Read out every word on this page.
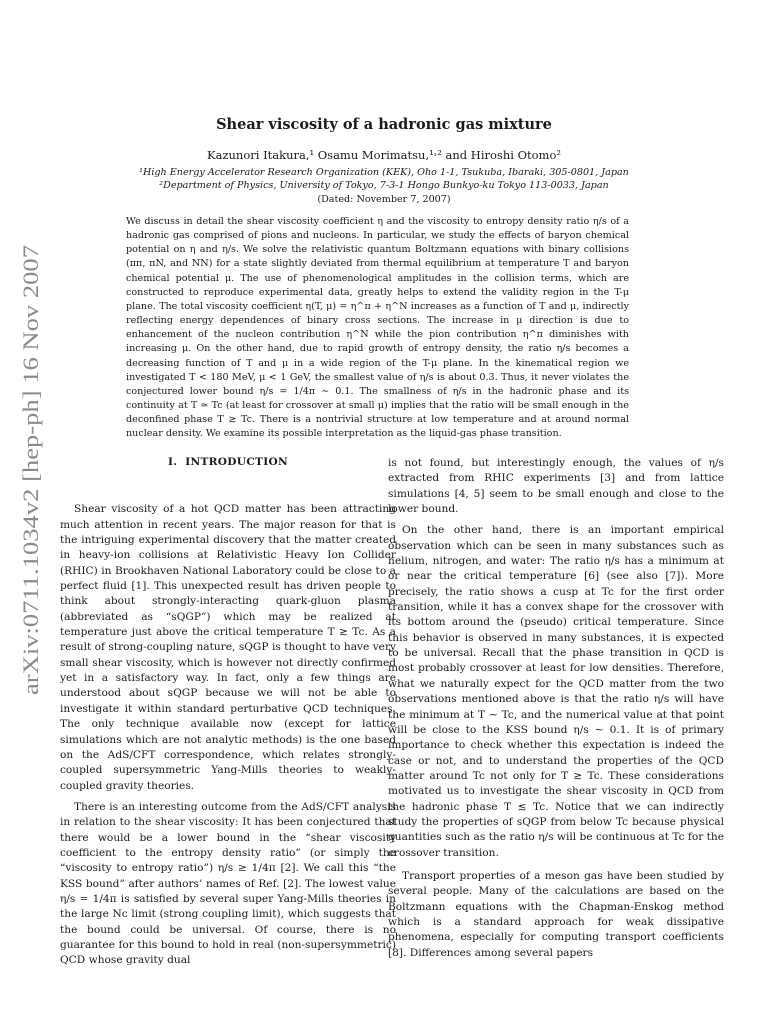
arXiv:0711.1034v2 [hep-ph] 16 Nov 2007
Shear viscosity of a hadronic gas mixture
Kazunori Itakura,¹ Osamu Morimatsu,¹˒² and Hiroshi Otomo²
¹High Energy Accelerator Research Organization (KEK), Oho 1-1, Tsukuba, Ibaraki, 305-0801, Japan
²Department of Physics, University of Tokyo, 7-3-1 Hongo Bunkyo-ku Tokyo 113-0033, Japan
(Dated: November 7, 2007)
We discuss in detail the shear viscosity coefficient η and the viscosity to entropy density ratio η/s of a hadronic gas comprised of pions and nucleons. In particular, we study the effects of baryon chemical potential on η and η/s. We solve the relativistic quantum Boltzmann equations with binary collisions (ππ, πN, and NN) for a state slightly deviated from thermal equilibrium at temperature T and baryon chemical potential μ. The use of phenomenological amplitudes in the collision terms, which are constructed to reproduce experimental data, greatly helps to extend the validity region in the T-μ plane. The total viscosity coefficient η(T, μ) = η^π + η^N increases as a function of T and μ, indirectly reflecting energy dependences of binary cross sections. The increase in μ direction is due to enhancement of the nucleon contribution η^N while the pion contribution η^π diminishes with increasing μ. On the other hand, due to rapid growth of entropy density, the ratio η/s becomes a decreasing function of T and μ in a wide region of the T-μ plane. In the kinematical region we investigated T < 180 MeV, μ < 1 GeV, the smallest value of η/s is about 0.3. Thus, it never violates the conjectured lower bound η/s = 1/4π ∼ 0.1. The smallness of η/s in the hadronic phase and its continuity at T ≃ Tc (at least for crossover at small μ) implies that the ratio will be small enough in the deconfined phase T ≳ Tc. There is a nontrivial structure at low temperature and at around normal nuclear density. We examine its possible interpretation as the liquid-gas phase transition.
I. INTRODUCTION

Shear viscosity of a hot QCD matter has been attracting much attention in recent years. The major reason for that is the intriguing experimental discovery that the matter created in heavy-ion collisions at Relativistic Heavy Ion Collider (RHIC) in Brookhaven National Laboratory could be close to a perfect fluid [1]. This unexpected result has driven people to think about strongly-interacting quark-gluon plasma (abbreviated as “sQGP”) which may be realized at temperature just above the critical temperature T ≳ Tc. As a result of strong-coupling nature, sQGP is thought to have very small shear viscosity, which is however not directly confirmed yet in a satisfactory way. In fact, only a few things are understood about sQGP because we will not be able to investigate it within standard perturbative QCD techniques. The only technique available now (except for lattice simulations which are not analytic methods) is the one based on the AdS/CFT correspondence, which relates strongly-coupled supersymmetric Yang-Mills theories to weakly-coupled gravity theories.

There is an interesting outcome from the AdS/CFT analysis in relation to the shear viscosity: It has been conjectured that there would be a lower bound in the “shear viscosity coefficient to the entropy density ratio” (or simply the “viscosity to entropy ratio”) η/s ≥ 1/4π [2]. We call this “the KSS bound” after authors’ names of Ref. [2]. The lowest value η/s = 1/4π is satisfied by several super Yang-Mills theories in the large Nc limit (strong coupling limit), which suggests that the bound could be universal. Of course, there is no guarantee for this bound to hold in real (non-supersymmetric) QCD whose gravity dual

is not found, but interestingly enough, the values of η/s extracted from RHIC experiments [3] and from lattice simulations [4, 5] seem to be small enough and close to the lower bound.

On the other hand, there is an important empirical observation which can be seen in many substances such as helium, nitrogen, and water: The ratio η/s has a minimum at or near the critical temperature [6] (see also [7]). More precisely, the ratio shows a cusp at Tc for the first order transition, while it has a convex shape for the crossover with its bottom around the (pseudo) critical temperature. Since this behavior is observed in many substances, it is expected to be universal. Recall that the phase transition in QCD is most probably crossover at least for low densities. Therefore, what we naturally expect for the QCD matter from the two observations mentioned above is that the ratio η/s will have the minimum at T ∼ Tc, and the numerical value at that point will be close to the KSS bound η/s ∼ 0.1. It is of primary importance to check whether this expectation is indeed the case or not, and to understand the properties of the QCD matter around Tc not only for T ≳ Tc. These considerations motivated us to investigate the shear viscosity in QCD from the hadronic phase T ≲ Tc. Notice that we can indirectly study the properties of sQGP from below Tc because physical quantities such as the ratio η/s will be continuous at Tc for the crossover transition.

Transport properties of a meson gas have been studied by several people. Many of the calculations are based on the Boltzmann equations with the Chapman-Enskog method which is a standard approach for weak dissipative phenomena, especially for computing transport coefficients [8]. Differences among several papers
